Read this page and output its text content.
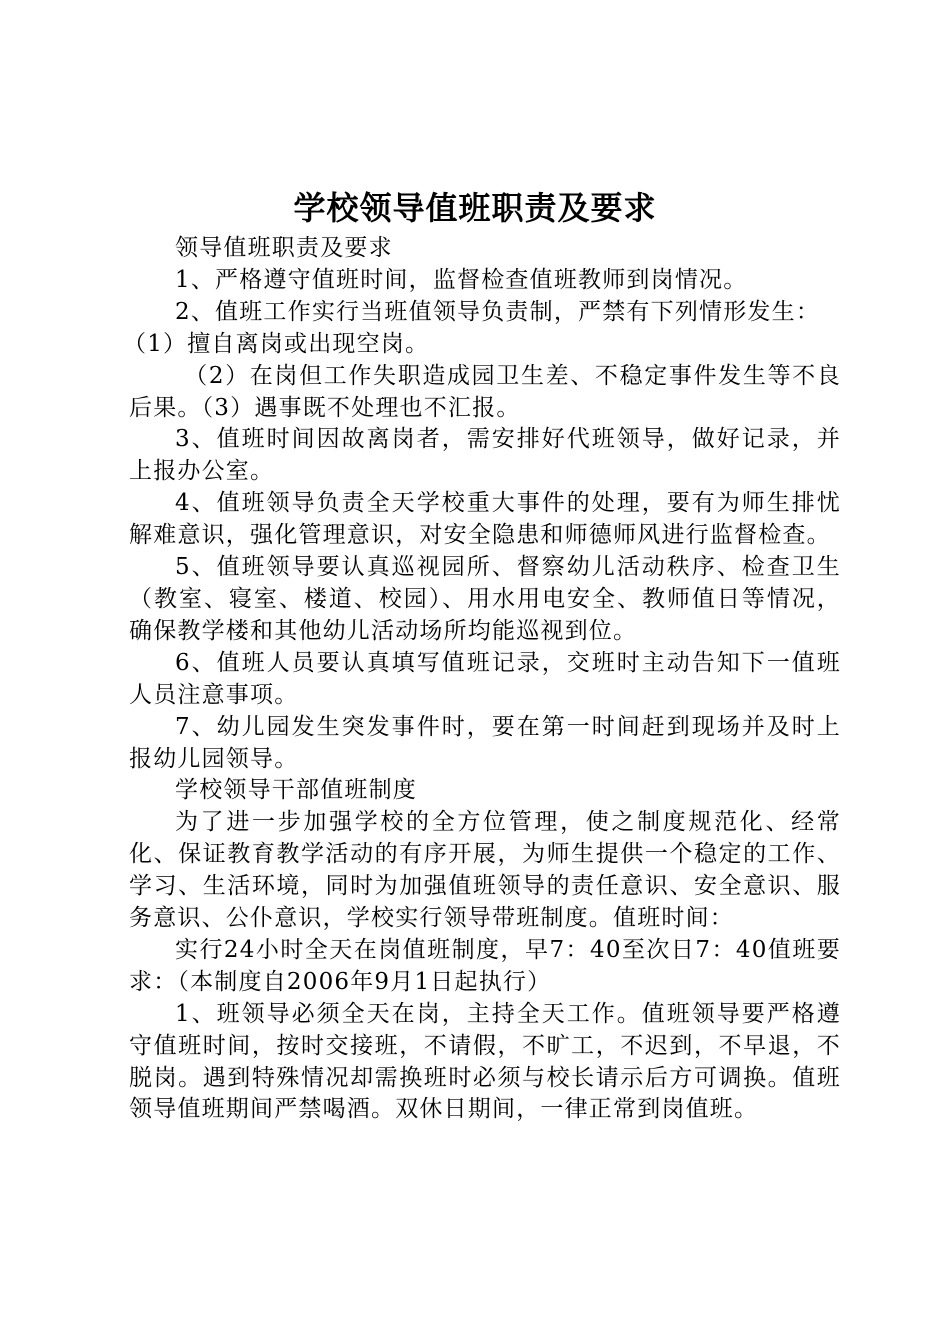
学校领导值班职责及要求

领导值班职责及要求

1、严格遵守值班时间，监督检查值班教师到岗情况。

2、值班工作实行当班值领导负责制，严禁有下列情形发生：

（1）擅自离岗或出现空岗。

（2）在岗但工作失职造成园卫生差、不稳定事件发生等不良后果。（3）遇事既不处理也不汇报。

3、值班时间因故离岗者，需安排好代班领导，做好记录，并上报办公室。

4、值班领导负责全天学校重大事件的处理，要有为师生排忧解难意识，强化管理意识，对安全隐患和师德师风进行监督检查。

5、值班领导要认真巡视园所、督察幼儿活动秩序、检查卫生（教室、寝室、楼道、校园）、用水用电安全、教师值日等情况，确保教学楼和其他幼儿活动场所均能巡视到位。

6、值班人员要认真填写值班记录，交班时主动告知下一值班人员注意事项。

7、幼儿园发生突发事件时，要在第一时间赶到现场并及时上报幼儿园领导。

学校领导干部值班制度

为了进一步加强学校的全方位管理，使之制度规范化、经常化、保证教育教学活动的有序开展，为师生提供一个稳定的工作、学习、生活环境，同时为加强值班领导的责任意识、安全意识、服务意识、公仆意识，学校实行领导带班制度。值班时间：

实行24小时全天在岗值班制度，早7：40至次日7：40值班要求：（本制度自2006年9月1日起执行）

1、班领导必须全天在岗，主持全天工作。值班领导要严格遵守值班时间，按时交接班，不请假，不旷工，不迟到，不早退，不脱岗。遇到特殊情况却需换班时必须与校长请示后方可调换。值班领导值班期间严禁喝酒。双休日期间，一律正常到岗值班。
